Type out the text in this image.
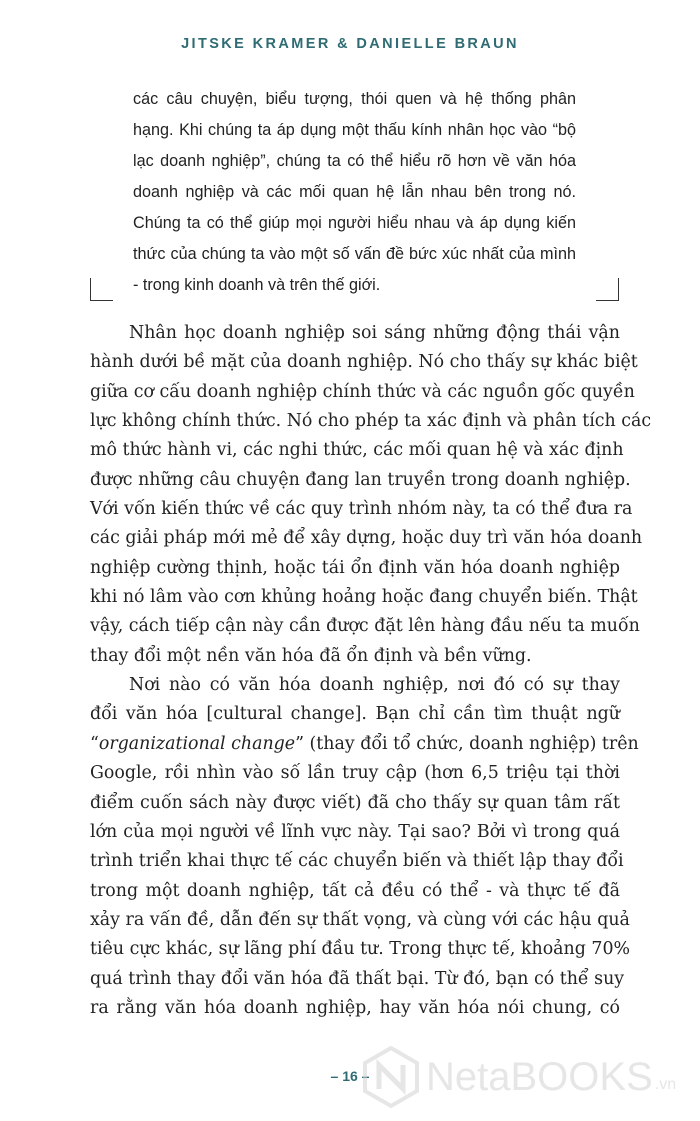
JITSKE KRAMER & DANIELLE BRAUN
các câu chuyện, biểu tượng, thói quen và hệ thống phân
hạng. Khi chúng ta áp dụng một thấu kính nhân học vào “bộ
lạc doanh nghiệp”, chúng ta có thể hiểu rõ hơn về văn hóa
doanh nghiệp và các mối quan hệ lẫn nhau bên trong nó.
Chúng ta có thể giúp mọi người hiểu nhau và áp dụng kiến
thức của chúng ta vào một số vấn đề bức xúc nhất của mình
- trong kinh doanh và trên thế giới.
Nhân học doanh nghiệp soi sáng những động thái vận
hành dưới bề mặt của doanh nghiệp. Nó cho thấy sự khác biệt
giữa cơ cấu doanh nghiệp chính thức và các nguồn gốc quyền
lực không chính thức. Nó cho phép ta xác định và phân tích các
mô thức hành vi, các nghi thức, các mối quan hệ và xác định
được những câu chuyện đang lan truyền trong doanh nghiệp.
Với vốn kiến thức về các quy trình nhóm này, ta có thể đưa ra
các giải pháp mới mẻ để xây dựng, hoặc duy trì văn hóa doanh
nghiệp cường thịnh, hoặc tái ổn định văn hóa doanh nghiệp
khi nó lâm vào cơn khủng hoảng hoặc đang chuyển biến. Thật
vậy, cách tiếp cận này cần được đặt lên hàng đầu nếu ta muốn
thay đổi một nền văn hóa đã ổn định và bền vững.
Nơi nào có văn hóa doanh nghiệp, nơi đó có sự thay
đổi văn hóa [cultural change]. Bạn chỉ cần tìm thuật ngữ
“organizational change” (thay đổi tổ chức, doanh nghiệp) trên
Google, rồi nhìn vào số lần truy cập (hơn 6,5 triệu tại thời
điểm cuốn sách này được viết) đã cho thấy sự quan tâm rất
lớn của mọi người về lĩnh vực này. Tại sao? Bởi vì trong quá
trình triển khai thực tế các chuyển biến và thiết lập thay đổi
trong một doanh nghiệp, tất cả đều có thể - và thực tế đã
xảy ra vấn đề, dẫn đến sự thất vọng, và cùng với các hậu quả
tiêu cực khác, sự lãng phí đầu tư. Trong thực tế, khoảng 70%
quá trình thay đổi văn hóa đã thất bại. Từ đó, bạn có thể suy
ra rằng văn hóa doanh nghiệp, hay văn hóa nói chung, có
– 16 –	NetaBOOKS .vn
